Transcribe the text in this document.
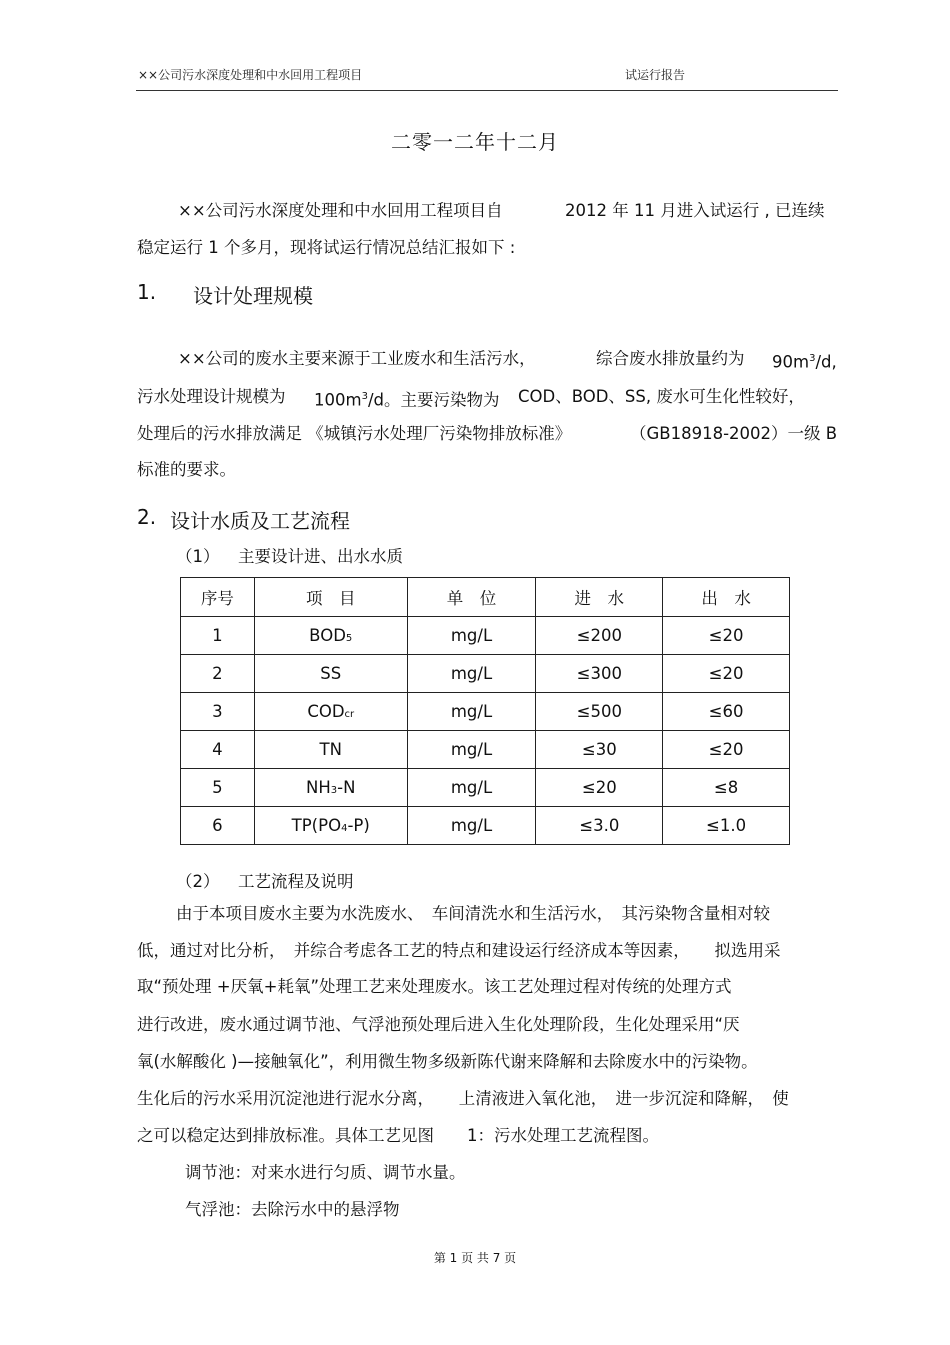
××公司污水深度处理和中水回用工程项目	试运行报告
二零一二年十二月
××公司污水深度处理和中水回用工程项目自	2012 年 11 月进入试运行 , 已连续
稳定运行 1 个多月，现将试运行情况总结汇报如下 :
1. 设计处理规模
××公司的废水主要来源于工业废水和生活污水，	综合废水排放量约为 $90m^3/d$,
污水处理设计规模为 $100m^3/d$。主要污染物为 COD、BOD、SS, 废水可生化性较好，
处理后的污水排放满足 《城镇污水处理厂污染物排放标准》	（GB18918-2002）一级 B
标准的要求。
2. 设计水质及工艺流程
（1） 主要设计进、出水水质
序号	项　目	单　位	进　水	出　水
1	BOD5	mg/L	≤200	≤20
2	SS	mg/L	≤300	≤20
3	CODcr	mg/L	≤500	≤60
4	TN	mg/L	≤30	≤20
5	NH3-N	mg/L	≤20	≤8
6	TP(PO4-P)	mg/L	≤3.0	≤1.0
（2） 工艺流程及说明
由于本项目废水主要为水洗废水、　车间清洗水和生活污水，　其污染物含量相对较
低，通过对比分析，　并综合考虑各工艺的特点和建设运行经济成本等因素，　　拟选用采
取“预处理 +厌氧+耗氧”处理工艺来处理废水。该工艺处理过程对传统的处理方式
进行改进，废水通过调节池、气浮池预处理后进入生化处理阶段，生化处理采用“厌
氧(水解酸化 )—接触氧化”，利用微生物多级新陈代谢来降解和去除废水中的污染物。
生化后的污水采用沉淀池进行泥水分离，　　上清液进入氧化池，　进一步沉淀和降解，　使
之可以稳定达到排放标准。具体工艺见图　　1：污水处理工艺流程图。
调节池：对来水进行匀质、调节水量。
气浮池：去除污水中的悬浮物
第 1 页 共 7 页
